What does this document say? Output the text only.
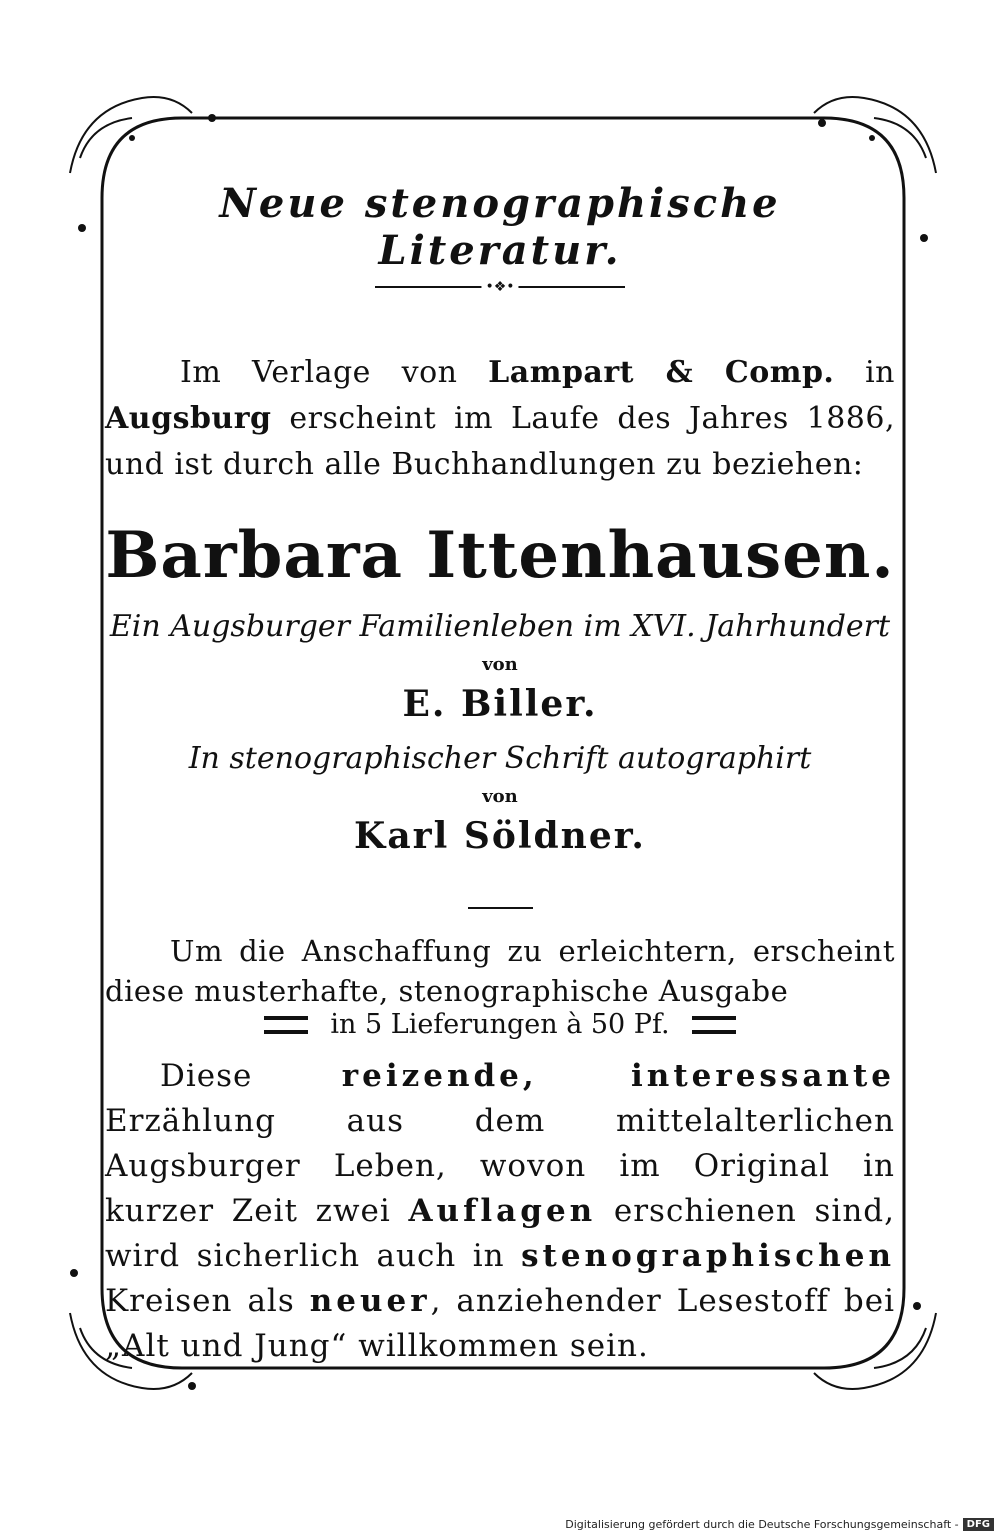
Neue stenographische Literatur.
•❖•
Im Verlage von Lampart & Comp. in Augsburg erscheint im Laufe des Jahres 1886, und ist durch alle Buchhandlungen zu beziehen:
Barbara Ittenhausen.
Ein Augsburger Familienleben im XVI. Jahrhundert
von
E. Biller.
In stenographischer Schrift autographirt
von
Karl Söldner.
Um die Anschaffung zu erleichtern, erscheint diese musterhafte, stenographische Ausgabe
in 5 Lieferungen à 50 Pf.
Diese reizende, interessante Erzählung aus dem mittelalterlichen Augsburger Leben, wovon im Original in kurzer Zeit zwei Auflagen erschienen sind, wird sicherlich auch in stenographischen Kreisen als neuer, anziehender Lesestoff bei „Alt und Jung“ willkommen sein.
Digitalisierung gefördert durch die Deutsche Forschungsgemeinschaft - DFG
